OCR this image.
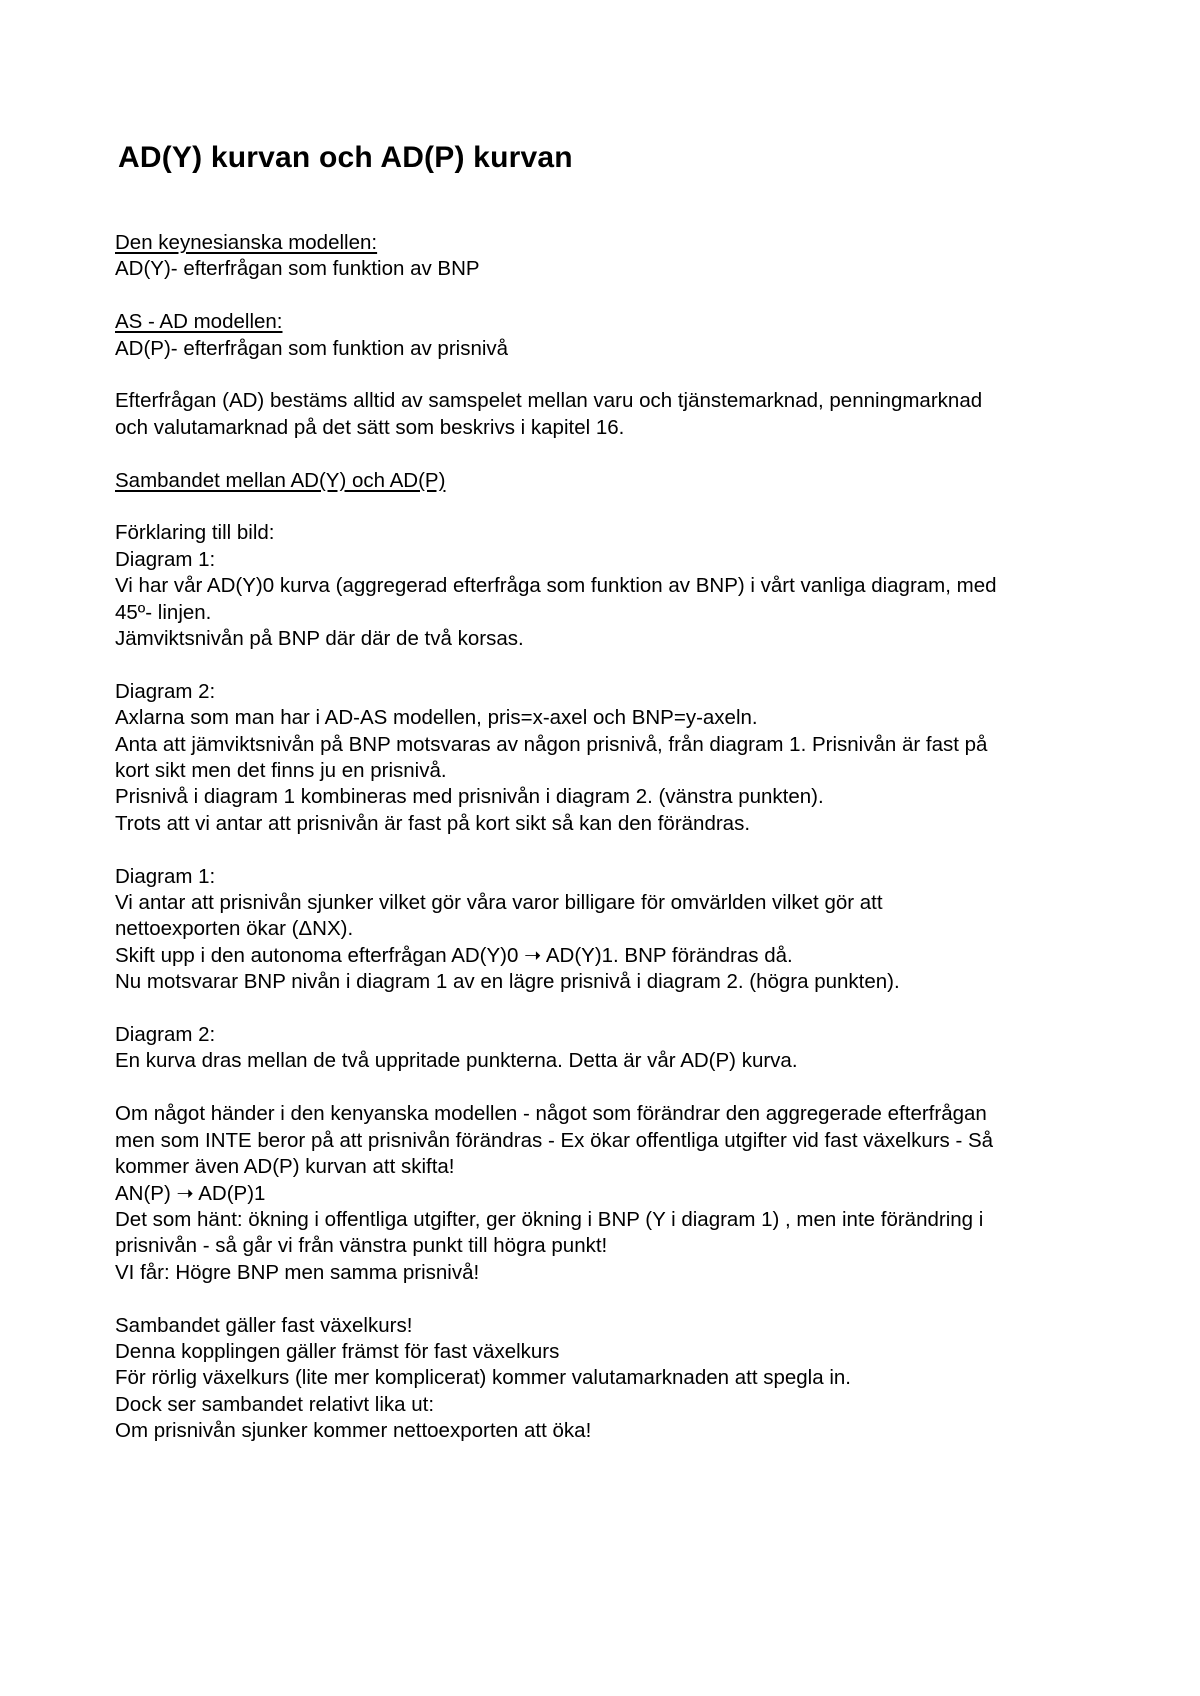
AD(Y) kurvan och AD(P) kurvan
Den keynesianska modellen:
AD(Y)- efterfrågan som funktion av BNP
AS - AD modellen:
AD(P)- efterfrågan som funktion av prisnivå
Efterfrågan (AD) bestäms alltid av samspelet mellan varu och tjänstemarknad, penningmarknad
och valutamarknad på det sätt som beskrivs i kapitel 16.
Sambandet mellan AD(Y) och AD(P)
Förklaring till bild:
Diagram 1:
Vi har vår AD(Y)0 kurva (aggregerad efterfråga som funktion av BNP) i vårt vanliga diagram, med
45º- linjen.
Jämviktsnivån på BNP där där de två korsas.
Diagram 2:
Axlarna som man har i AD-AS modellen, pris=x-axel och BNP=y-axeln.
Anta att jämviktsnivån på BNP motsvaras av någon prisnivå, från diagram 1. Prisnivån är fast på
kort sikt men det finns ju en prisnivå.
Prisnivå i diagram 1 kombineras med prisnivån i diagram 2. (vänstra punkten).
Trots att vi antar att prisnivån är fast på kort sikt så kan den förändras.
Diagram 1:
Vi antar att prisnivån sjunker vilket gör våra varor billigare för omvärlden vilket gör att
nettoexporten ökar (ΔNX).
Skift upp i den autonoma efterfrågan AD(Y)0 ➝ AD(Y)1. BNP förändras då.
Nu motsvarar BNP nivån i diagram 1 av en lägre prisnivå i diagram 2. (högra punkten).
Diagram 2:
En kurva dras mellan de två uppritade punkterna. Detta är vår AD(P) kurva.
Om något händer i den kenyanska modellen - något som förändrar den aggregerade efterfrågan
men som INTE beror på att prisnivån förändras - Ex ökar offentliga utgifter vid fast växelkurs - Så
kommer även AD(P) kurvan att skifta!
AN(P) ➝ AD(P)1
Det som hänt: ökning i offentliga utgifter, ger ökning i BNP (Y i diagram 1) , men inte förändring i
prisnivån - så går vi från vänstra punkt till högra punkt!
VI får: Högre BNP men samma prisnivå!
Sambandet gäller fast växelkurs!
Denna kopplingen gäller främst för fast växelkurs
För rörlig växelkurs (lite mer komplicerat) kommer valutamarknaden att spegla in.
Dock ser sambandet relativt lika ut:
Om prisnivån sjunker kommer nettoexporten att öka!
